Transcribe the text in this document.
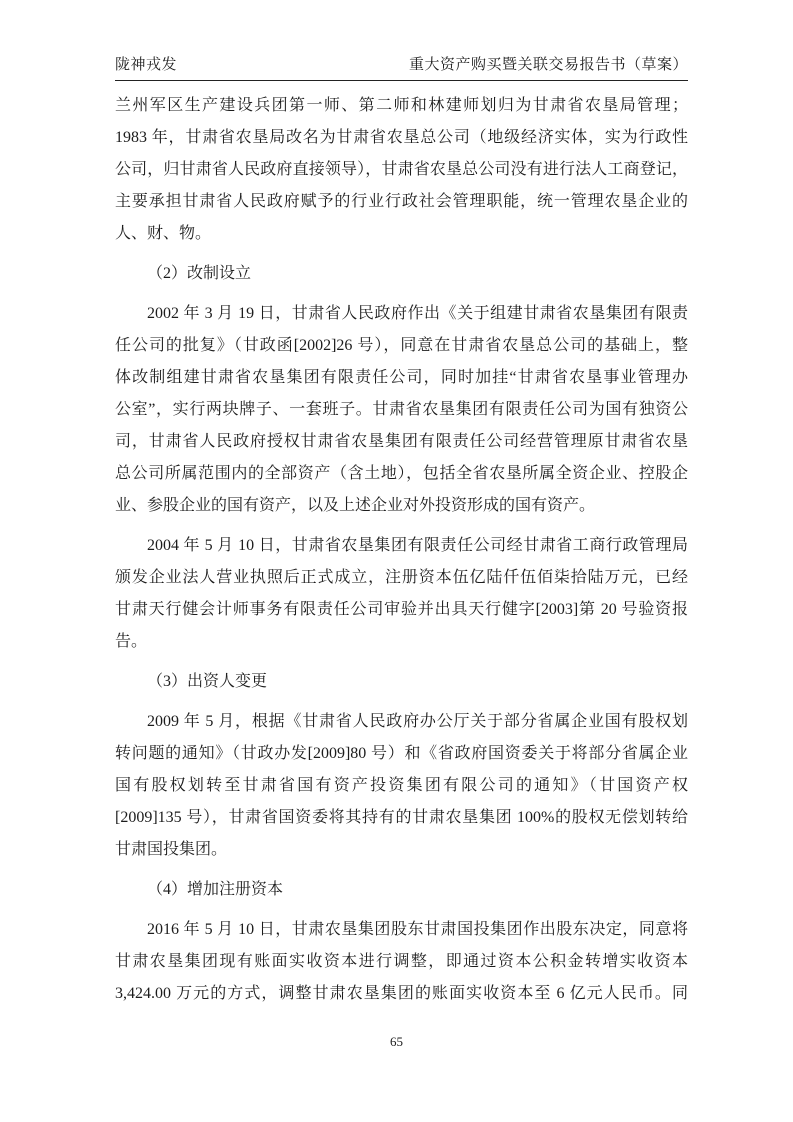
陇神戎发	重大资产购买暨关联交易报告书（草案）
兰州军区生产建设兵团第一师、第二师和林建师划归为甘肃省农垦局管理；
1983 年，甘肃省农垦局改名为甘肃省农垦总公司（地级经济实体，实为行政性
公司，归甘肃省人民政府直接领导），甘肃省农垦总公司没有进行法人工商登记，
主要承担甘肃省人民政府赋予的行业行政社会管理职能，统一管理农垦企业的
人、财、物。
（2）改制设立
2002 年 3 月 19 日，甘肃省人民政府作出《关于组建甘肃省农垦集团有限责
任公司的批复》（甘政函[2002]26 号），同意在甘肃省农垦总公司的基础上，整
体改制组建甘肃省农垦集团有限责任公司，同时加挂“甘肃省农垦事业管理办
公室”，实行两块牌子、一套班子。甘肃省农垦集团有限责任公司为国有独资公
司，甘肃省人民政府授权甘肃省农垦集团有限责任公司经营管理原甘肃省农垦
总公司所属范围内的全部资产（含土地），包括全省农垦所属全资企业、控股企
业、参股企业的国有资产，以及上述企业对外投资形成的国有资产。
2004 年 5 月 10 日，甘肃省农垦集团有限责任公司经甘肃省工商行政管理局
颁发企业法人营业执照后正式成立，注册资本伍亿陆仟伍佰柒拾陆万元，已经
甘肃天行健会计师事务有限责任公司审验并出具天行健字[2003]第 20 号验资报
告。
（3）出资人变更
2009 年 5 月，根据《甘肃省人民政府办公厅关于部分省属企业国有股权划
转问题的通知》（甘政办发[2009]80 号）和《省政府国资委关于将部分省属企业
国有股权划转至甘肃省国有资产投资集团有限公司的通知》（甘国资产权
[2009]135 号），甘肃省国资委将其持有的甘肃农垦集团 100%的股权无偿划转给
甘肃国投集团。
（4）增加注册资本
2016 年 5 月 10 日，甘肃农垦集团股东甘肃国投集团作出股东决定，同意将
甘肃农垦集团现有账面实收资本进行调整，即通过资本公积金转增实收资本
3,424.00 万元的方式，调整甘肃农垦集团的账面实收资本至 6 亿元人民币。同
65
